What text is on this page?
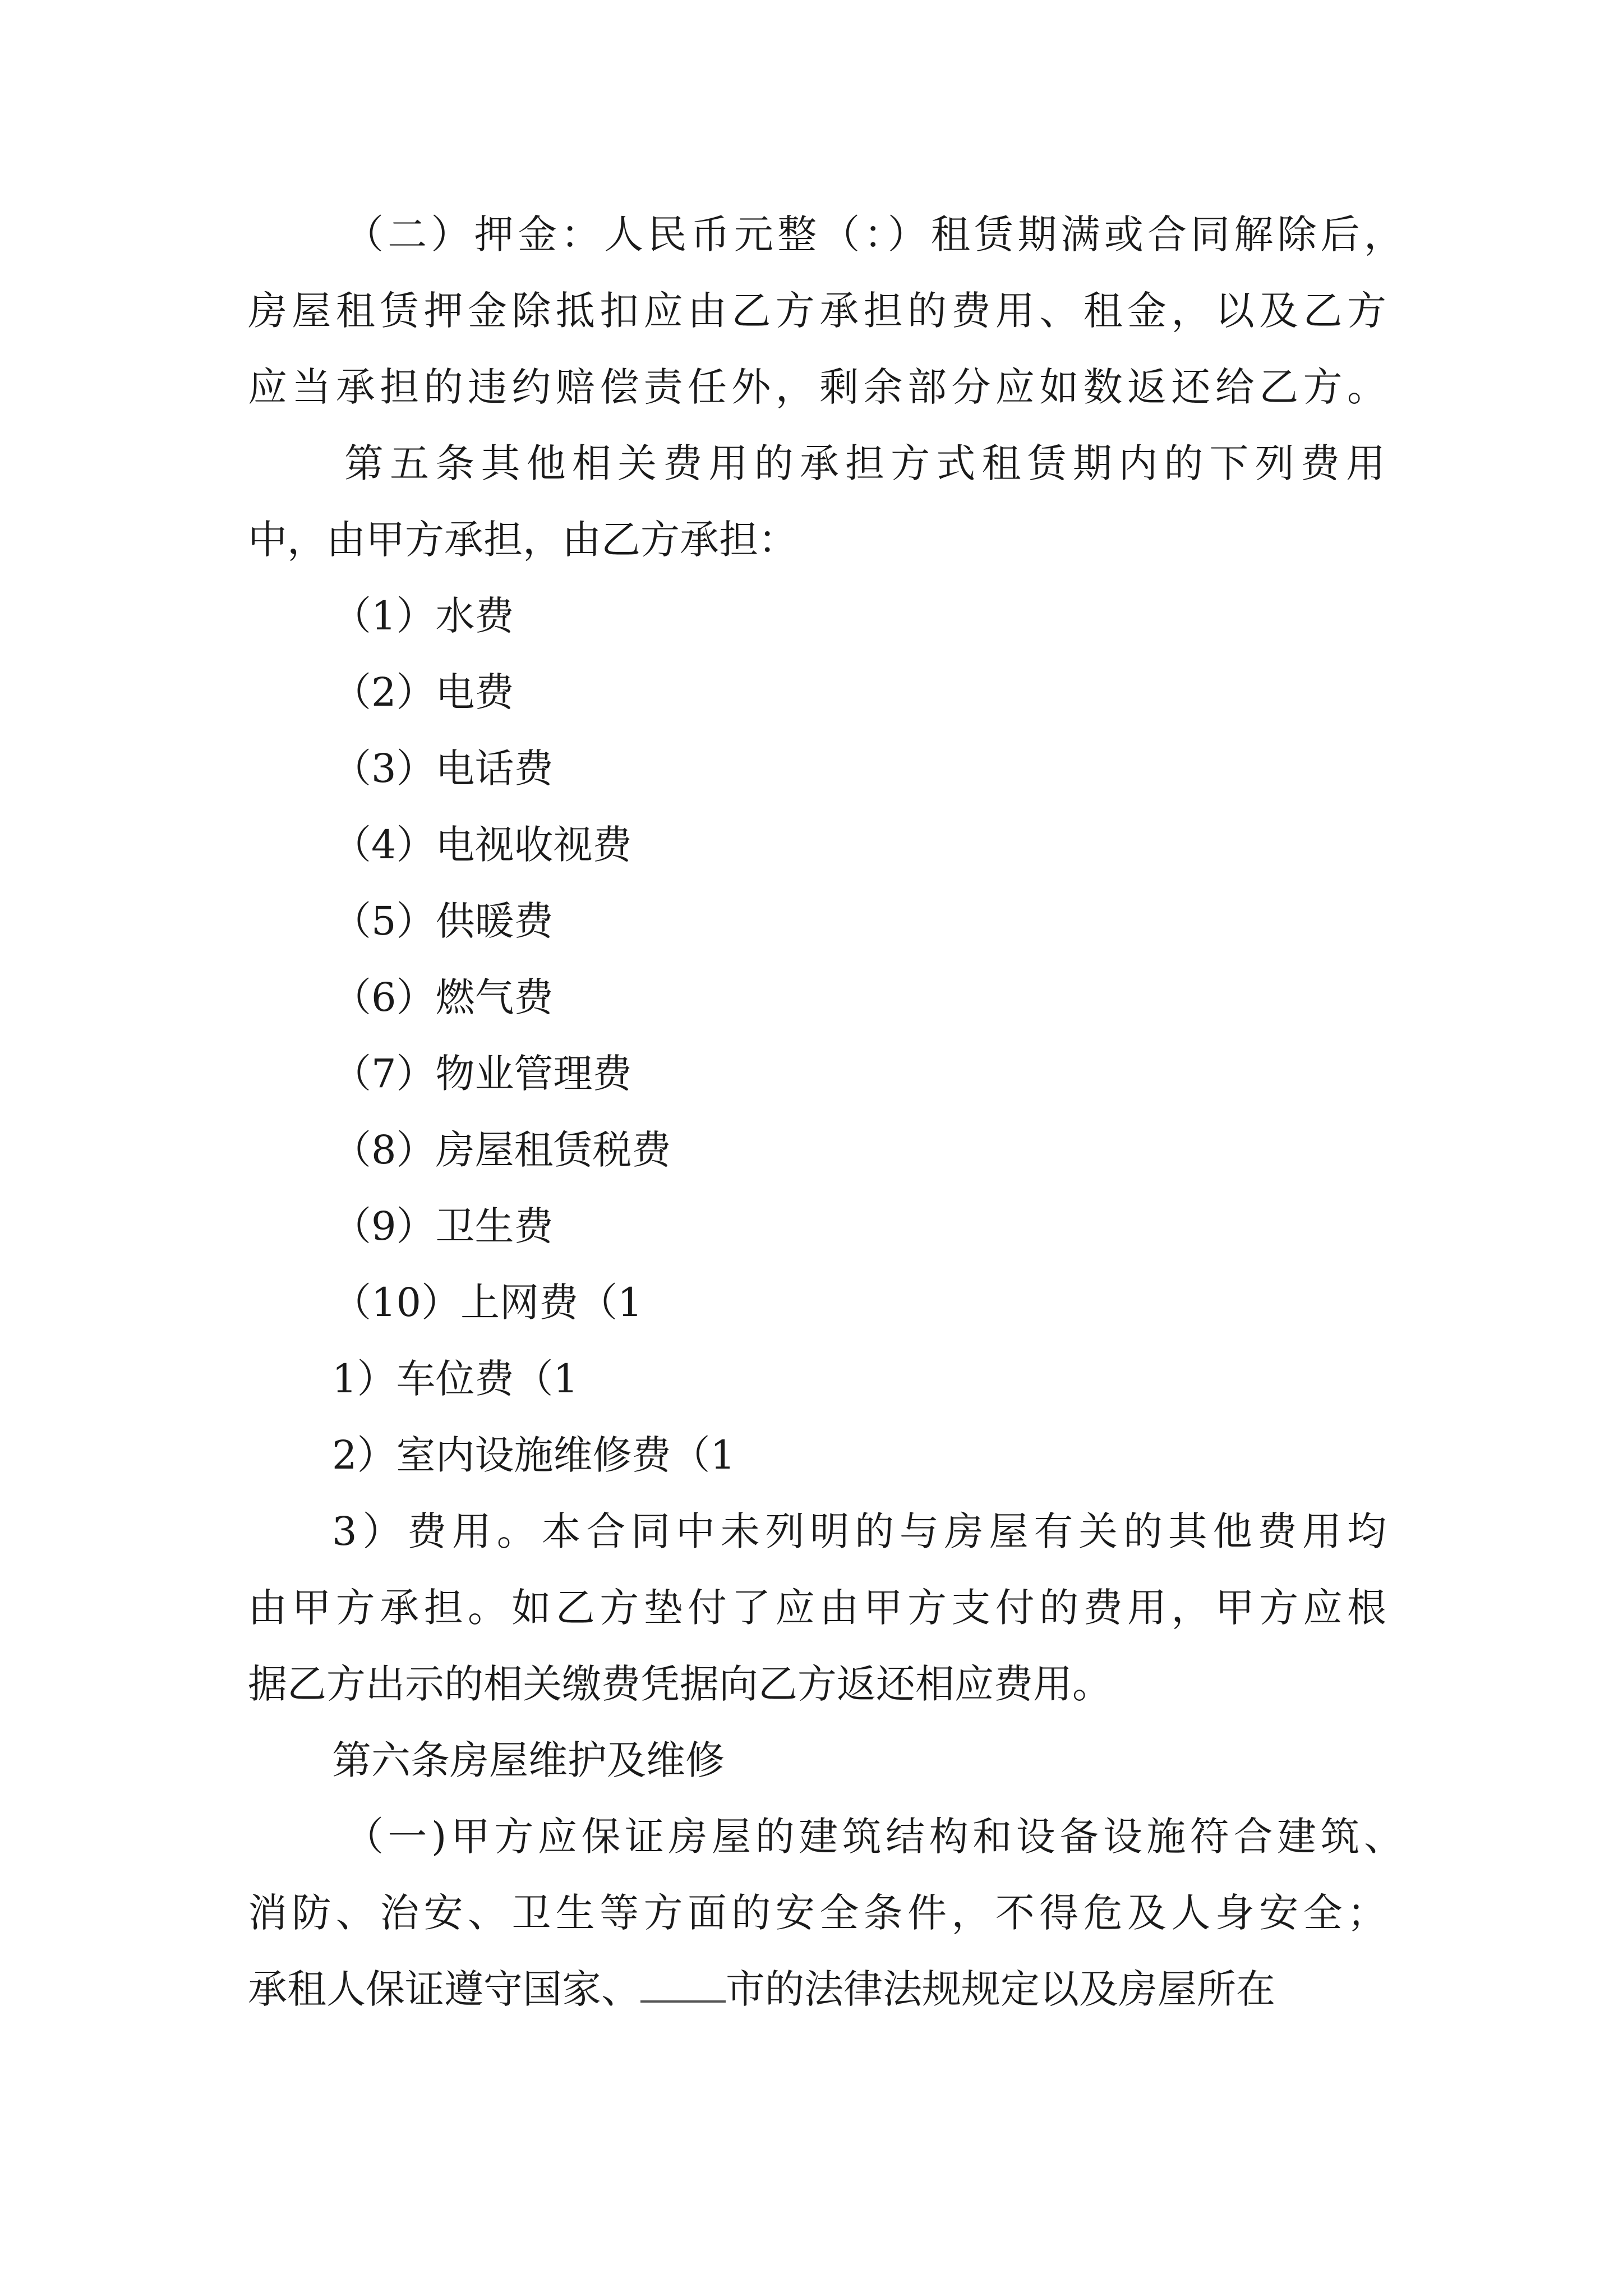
（二）押金：人民币元整（：）租赁期满或合同解除后，
房屋租赁押金除抵扣应由乙方承担的费用、租金，以及乙方
应当承担的违约赔偿责任外，剩余部分应如数返还给乙方。
第五条其他相关费用的承担方式租赁期内的下列费用
中，由甲方承担，由乙方承担：
（1）水费
（2）电费
（3）电话费
（4）电视收视费
（5）供暖费
（6）燃气费
（7）物业管理费
（8）房屋租赁税费
（9）卫生费
（10）上网费（1
1）车位费（1
2）室内设施维修费（1
3）费用。本合同中未列明的与房屋有关的其他费用均
由甲方承担。如乙方垫付了应由甲方支付的费用，甲方应根
据乙方出示的相关缴费凭据向乙方返还相应费用。
第六条房屋维护及维修
（一)甲方应保证房屋的建筑结构和设备设施符合建筑、
消防、治安、卫生等方面的安全条件，不得危及人身安全；
承租人保证遵守国家、 市的法律法规规定以及房屋所在
